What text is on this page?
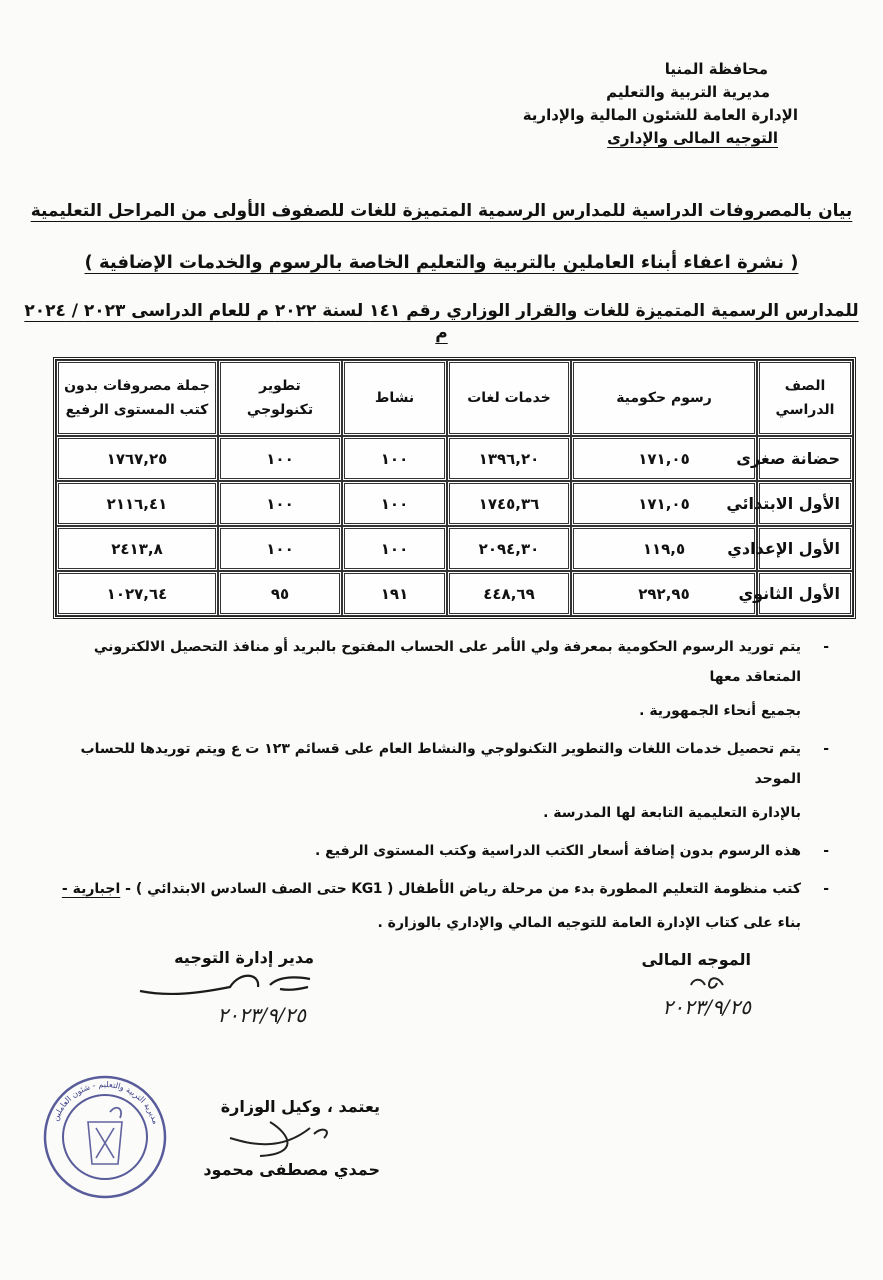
محافظة المنيا
مديرية التربية والتعليم
الإدارة العامة للشئون المالية والإدارية
التوجيه المالى والإدارى
بيان بالمصروفات الدراسية للمدارس الرسمية المتميزة للغات للصفوف الأولى من المراحل التعليمية
( نشرة اعفاء أبناء العاملين بالتربية والتعليم الخاصة بالرسوم والخدمات الإضافية )
للمدارس الرسمية المتميزة للغات والقرار الوزاري رقم ١٤١ لسنة ٢٠٢٢ م للعام الدراسى ٢٠٢٣ / ٢٠٢٤ م
الصف الدراسي	رسوم حكومية	خدمات لغات	نشاط	تطوير تكنولوجي	جملة مصروفات بدون كتب المستوى الرفيع
حضانة صغرى	١٧١,٠٥	١٣٩٦,٢٠	١٠٠	١٠٠	١٧٦٧,٢٥
الأول الابتدائي	١٧١,٠٥	١٧٤٥,٣٦	١٠٠	١٠٠	٢١١٦,٤١
الأول الإعدادي	١١٩,٥	٢٠٩٤,٣٠	١٠٠	١٠٠	٢٤١٣,٨
الأول الثانوي	٢٩٢,٩٥	٤٤٨,٦٩	١٩١	٩٥	١٠٢٧,٦٤
-

يتم توريد الرسوم الحكومية بمعرفة ولي الأمر على الحساب المفتوح بالبريد أو منافذ التحصيل الالكتروني المتعاقد معها

بجميع أنحاء الجمهورية .

-

يتم تحصيل خدمات اللغات والتطوير التكنولوجي والنشاط العام على قسائم ١٢٣ ت ع ويتم توريدها للحساب الموحد

بالإدارة التعليمية التابعة لها المدرسة .

-

هذه الرسوم بدون إضافة أسعار الكتب الدراسية وكتب المستوى الرفيع .

-

كتب منظومة التعليم المطورة بدء من مرحلة رياض الأطفال ( KG1 حتى الصف السادس الابتدائي ) - اجبارية -

بناء على كتاب الإدارة العامة للتوجيه المالي والإداري بالوزارة .

الموجه المالى
٢٠٢٣/٩/٢٥
مدير إدارة التوجيه
٢٠٢٣/٩/٢٥
مديرية التربية والتعليم - شئون العاملين
يعتمد ، وكيل الوزارة
حمدي مصطفى محمود
